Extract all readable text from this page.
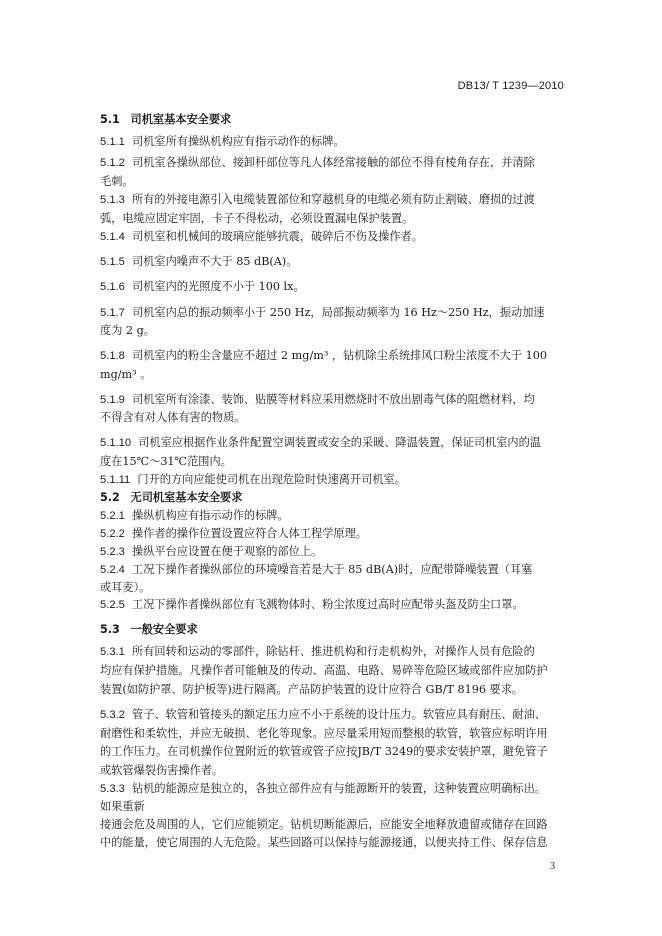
DB13/ T 1239—2010
5.1 司机室基本安全要求
5.1.1 司机室所有操纵机构应有指示动作的标牌。
5.1.2 司机室各操纵部位、接卸杆部位等凡人体经常接触的部位不得有棱角存在，并清除
毛刺。
5.1.3 所有的外接电源引入电缆装置部位和穿越机身的电缆必须有防止割破、磨损的过渡
弧，电缆应固定牢固，卡子不得松动，必须设置漏电保护装置。
5.1.4 司机室和机械间的玻璃应能够抗震，破碎后不伤及操作者。
5.1.5 司机室内噪声不大于 85 dB(A)。
5.1.6 司机室内的光照度不小于 100 lx。
5.1.7 司机室内总的振动频率小于 250 Hz，局部振动频率为 16 Hz～250 Hz，振动加速
度为 2 g。
5.1.8 司机室内的粉尘含量应不超过 2 mg/m³ ，钻机除尘系统排风口粉尘浓度不大于 100
mg/m³ 。
5.1.9 司机室所有涂漆、装饰、贴膜等材料应采用燃烧时不放出剧毒气体的阻燃材料，均
不得含有对人体有害的物质。
5.1.10 司机室应根据作业条件配置空调装置或安全的采暖、降温装置，保证司机室内的温
度在15℃～31℃范围内。
5.1.11 门开的方向应能使司机在出现危险时快速离开司机室。
5.2 无司机室基本安全要求
5.2.1 操纵机构应有指示动作的标牌。
5.2.2 操作者的操作位置设置应符合人体工程学原理。
5.2.3 操纵平台应设置在便于观察的部位上。
5.2.4 工况下操作者操纵部位的环境噪音若是大于 85 dB(A)时，应配带降噪装置（耳塞
或耳麦）。
5.2.5 工况下操作者操纵部位有飞溅物体时、粉尘浓度过高时应配带头盔及防尘口罩。
5.3 一般安全要求
5.3.1 所有回转和运动的零部件，除钻杆、推进机构和行走机构外，对操作人员有危险的
均应有保护措施。凡操作者可能触及的传动、高温、电路、易碎等危险区域或部件应加防护
装置(如防护罩、防护板等)进行隔离。产品防护装置的设计应符合 GB/T 8196 要求。
5.3.2 管子、软管和管接头的额定压力应不小于系统的设计压力。软管应具有耐压、耐油、
耐磨性和柔软性，并应无破损、老化等现象。应尽量采用短而整根的软管，软管应标明许用
的工作压力。在司机操作位置附近的软管或管子应按JB/T 3249的要求安装护罩，避免管子
或软管爆裂伤害操作者。
5.3.3 钻机的能源应是独立的，各独立部件应有与能源断开的装置，这种装置应明确标出。
如果重新
接通会危及周围的人，它们应能锁定。钻机切断能源后，应能安全地释放遗留或储存在回路
中的能量，使它周围的人无危险。某些回路可以保持与能源接通，以便夹持工件、保存信息
3
